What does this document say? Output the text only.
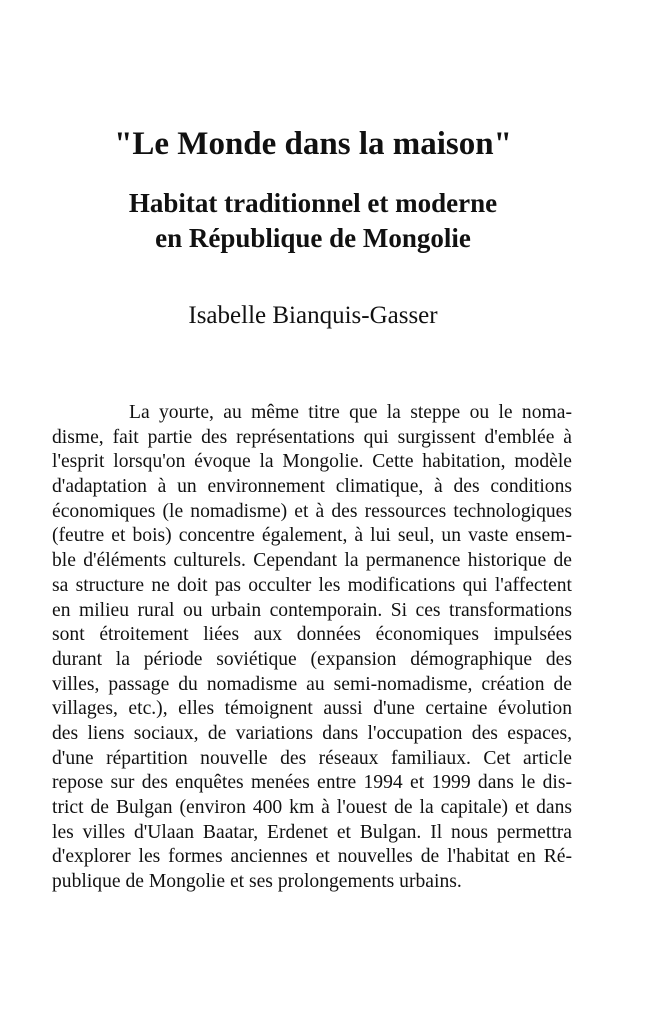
"Le Monde dans la maison"
Habitat traditionnel et moderne
en République de Mongolie
Isabelle Bianquis-Gasser
La yourte, au même titre que la steppe ou le noma-
disme, fait partie des représentations qui surgissent d'emblée à
l'esprit lorsqu'on évoque la Mongolie. Cette habitation, modèle
d'adaptation à un environnement climatique, à des conditions
économiques (le nomadisme) et à des ressources technologiques
(feutre et bois) concentre également, à lui seul, un vaste ensem-
ble d'éléments culturels. Cependant la permanence historique de
sa structure ne doit pas occulter les modifications qui l'affectent
en milieu rural ou urbain contemporain. Si ces transformations
sont étroitement liées aux données économiques impulsées
durant la période soviétique (expansion démographique des
villes, passage du nomadisme au semi-nomadisme, création de
villages, etc.), elles témoignent aussi d'une certaine évolution
des liens sociaux, de variations dans l'occupation des espaces,
d'une répartition nouvelle des réseaux familiaux. Cet article
repose sur des enquêtes menées entre 1994 et 1999 dans le dis-
trict de Bulgan (environ 400 km à l'ouest de la capitale) et dans
les villes d'Ulaan Baatar, Erdenet et Bulgan. Il nous permettra
d'explorer les formes anciennes et nouvelles de l'habitat en Ré-
publique de Mongolie et ses prolongements urbains.
